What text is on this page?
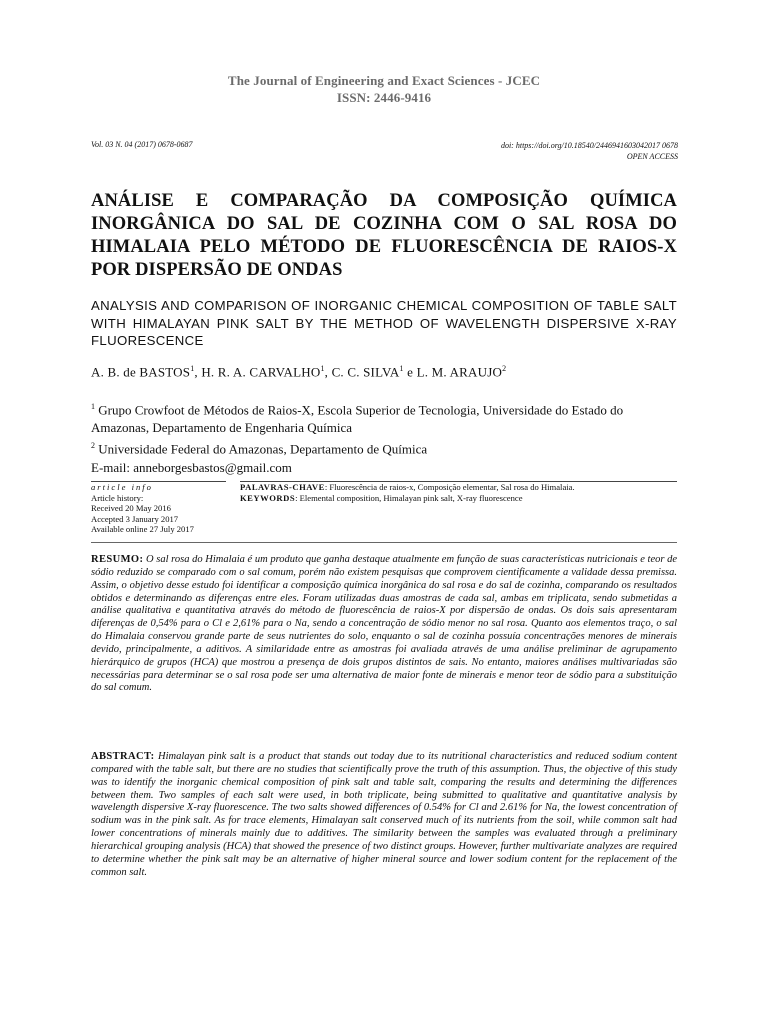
The Journal of Engineering and Exact Sciences - JCEC
ISSN: 2446-9416
Vol. 03 N. 04 (2017) 0678-0687	doi: https://doi.org/10.18540/2446941603042017 0678
OPEN ACCESS
ANÁLISE E COMPARAÇÃO DA COMPOSIÇÃO QUÍMICA INORGÂNICA DO SAL DE COZINHA COM O SAL ROSA DO HIMALAIA PELO MÉTODO DE FLUORESCÊNCIA DE RAIOS-X POR DISPERSÃO DE ONDAS
ANALYSIS AND COMPARISON OF INORGANIC CHEMICAL COMPOSITION OF TABLE SALT WITH HIMALAYAN PINK SALT BY THE METHOD OF WAVELENGTH DISPERSIVE X-RAY FLUORESCENCE
A. B. de BASTOS$^1$, H. R. A. CARVALHO$^1$, C. C. SILVA$^1$ e L. M. ARAUJO$^2$
$^1$ Grupo Crowfoot de Métodos de Raios-X, Escola Superior de Tecnologia, Universidade do Estado do Amazonas, Departamento de Engenharia Química
$^2$ Universidade Federal do Amazonas, Departamento de Química
E-mail: anneborgesbastos@gmail.com
article info
Article history:
Received 20 May 2016
Accepted 3 January 2017
Available online 27 July 2017
PALAVRAS-CHAVE: Fluorescência de raios-x, Composição elementar, Sal rosa do Himalaia.
KEYWORDS: Elemental composition, Himalayan pink salt, X-ray fluorescence
RESUMO: O sal rosa do Himalaia é um produto que ganha destaque atualmente em função de suas características nutricionais e teor de sódio reduzido se comparado com o sal comum, porém não existem pesquisas que comprovem cientificamente a validade dessa premissa. Assim, o objetivo desse estudo foi identificar a composição química inorgânica do sal rosa e do sal de cozinha, comparando os resultados obtidos e determinando as diferenças entre eles. Foram utilizadas duas amostras de cada sal, ambas em triplicata, sendo submetidas a análise qualitativa e quantitativa através do método de fluorescência de raios-X por dispersão de ondas. Os dois sais apresentaram diferenças de 0,54% para o Cl e 2,61% para o Na, sendo a concentração de sódio menor no sal rosa. Quanto aos elementos traço, o sal do Himalaia conservou grande parte de seus nutrientes do solo, enquanto o sal de cozinha possuía concentrações menores de minerais devido, principalmente, a aditivos. A similaridade entre as amostras foi avaliada através de uma análise preliminar de agrupamento hierárquico de grupos (HCA) que mostrou a presença de dois grupos distintos de sais. No entanto, maiores análises multivariadas são necessárias para determinar se o sal rosa pode ser uma alternativa de maior fonte de minerais e menor teor de sódio para a substituição do sal comum.
ABSTRACT: Himalayan pink salt is a product that stands out today due to its nutritional characteristics and reduced sodium content compared with the table salt, but there are no studies that scientifically prove the truth of this assumption. Thus, the objective of this study was to identify the inorganic chemical composition of pink salt and table salt, comparing the results and determining the differences between them. Two samples of each salt were used, in both triplicate, being submitted to qualitative and quantitative analysis by wavelength dispersive X-ray fluorescence. The two salts showed differences of 0.54% for Cl and 2.61% for Na, the lowest concentration of sodium was in the pink salt. As for trace elements, Himalayan salt conserved much of its nutrients from the soil, while common salt had lower concentrations of minerals mainly due to additives. The similarity between the samples was evaluated through a preliminary hierarchical grouping analysis (HCA) that showed the presence of two distinct groups. However, further multivariate analyzes are required to determine whether the pink salt may be an alternative of higher mineral source and lower sodium content for the replacement of the common salt.
